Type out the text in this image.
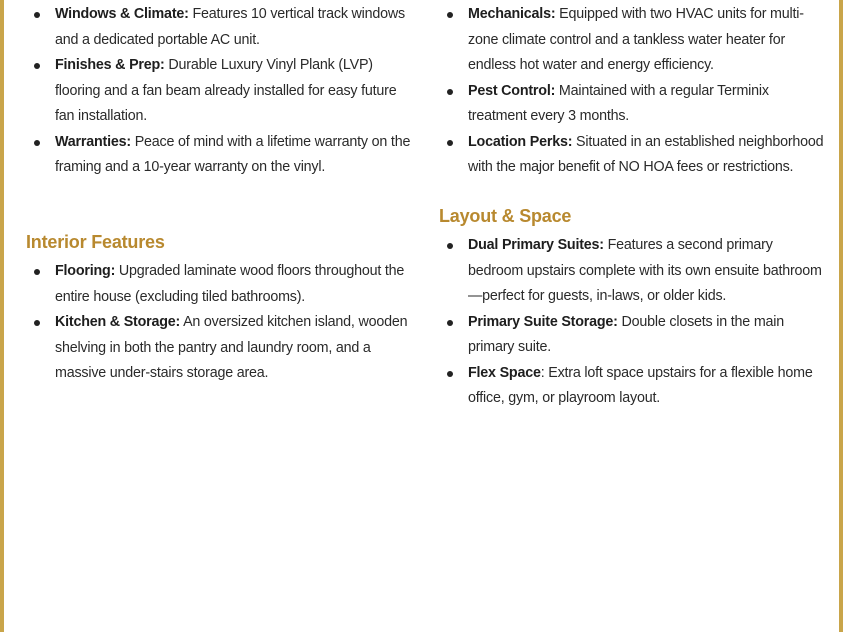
Windows & Climate: Features 10 vertical track windows and a dedicated portable AC unit.
Finishes & Prep: Durable Luxury Vinyl Plank (LVP) flooring and a fan beam already installed for easy future fan installation.
Warranties: Peace of mind with a lifetime warranty on the framing and a 10-year warranty on the vinyl.
Interior Features
Flooring: Upgraded laminate wood floors throughout the entire house (excluding tiled bathrooms).
Kitchen & Storage: An oversized kitchen island, wooden shelving in both the pantry and laundry room, and a massive under-stairs storage area.
Mechanicals: Equipped with two HVAC units for multi-zone climate control and a tankless water heater for endless hot water and energy efficiency.
Pest Control: Maintained with a regular Terminix treatment every 3 months.
Location Perks: Situated in an established neighborhood with the major benefit of NO HOA fees or restrictions.
Layout & Space
Dual Primary Suites: Features a second primary bedroom upstairs complete with its own ensuite bathroom—perfect for guests, in-laws, or older kids.
Primary Suite Storage: Double closets in the main primary suite.
Flex Space: Extra loft space upstairs for a flexible home office, gym, or playroom layout.
